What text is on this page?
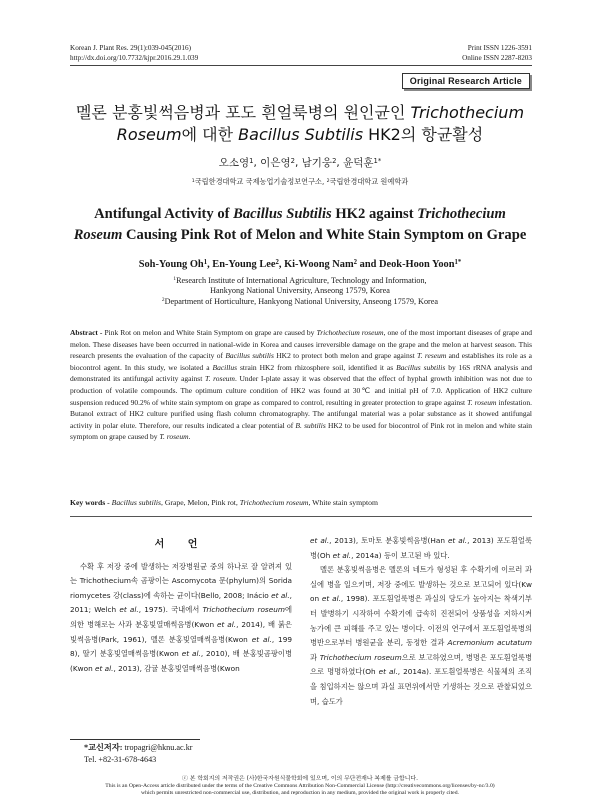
Korean J. Plant Res. 29(1):039-045(2016)
http://dx.doi.org/10.7732/kjpr.2016.29.1.039
Print ISSN 1226-3591
Online ISSN 2287-8203
Original Research Article
멜론 분홍빛썩음병과 포도 흰얼룩병의 원인균인 Trichothecium
Roseum에 대한 Bacillus Subtilis HK2의 항균활성
오소영$^1$, 이은영$^2$, 남기웅$^2$, 윤덕훈$^{1*}$
$^1$국립한경대학교 국제농업기술정보연구소, $^2$국립한경대학교 원예학과
Antifungal Activity of Bacillus Subtilis HK2 against Trichothecium
Roseum Causing Pink Rot of Melon and White Stain Symptom on Grape
Soh-Young Oh$^1$, En-Young Lee$^2$, Ki-Woong Nam$^2$ and Deok-Hoon Yoon$^{1*}$
$^1$Research Institute of International Agriculture, Technology and Information,
Hankyong National University, Anseong 17579, Korea
$^2$Department of Horticulture, Hankyong National University, Anseong 17579, Korea
Abstract - Pink Rot on melon and White Stain Symptom on grape are caused by Trichothecium roseum, one of the most important diseases of grape and melon. These diseases have been occurred in national-wide in Korea and causes irreversible damage on the grape and the melon at harvest season. This research presents the evaluation of the capacity of Bacillus subtilis HK2 to protect both melon and grape against T. reseum and establishes its role as a biocontrol agent. In this study, we isolated a Bacillus strain HK2 from rhizosphere soil, identified it as Bacillus subtilis by 16S rRNA analysis and demonstrated its antifungal activity against T. roseum. Under I-plate assay it was observed that the effect of hyphal growth inhibition was not due to production of volatile compounds. The optimum culture condition of HK2 was found at 30℃ and initial pH of 7.0. Application of HK2 culture suspension reduced 90.2% of white stain symptom on grape as compared to control, resulting in greater protection to grape against T. roseum infestation. Butanol extract of HK2 culture purified using flash column chromatography. The antifungal material was a polar substance as it showed antifungal activity in polar elute. Therefore, our results indicated a clear potential of B. subtilis HK2 to be used for biocontrol of Pink rot in melon and white stain symptom on grape caused by T. roseum.
Key words - Bacillus subtilis, Grape, Melon, Pink rot, Trichothecium roseum, White stain symptom
서 언

수확 후 저장 중에 발생하는 저장병원균 중의 하나로 잘 알려져 있는 Trichothecium속 곰팡이는 Ascomycota 문(phylum)의 Soridariomycetes 강(class)에 속하는 균이다(Bello, 2008; Inácio et al., 2011; Welch et al., 1975). 국내에서 Trichothecium roseum에 의한 병해로는 사과 분홍빛열매썩음병(Kwon et al., 2014), 배 붉은빛썩음병(Park, 1961), 멜론 분홍빛열매썩음병(Kwon et al., 1998), 딸기 분홍빛열매썩음병(Kwon et al., 2010), 배 분홍빛곰팡이병(Kwon et al., 2013), 감귤 분홍빛열매썩음병(Kwon

et al., 2013), 토마토 분홍빛썩음병(Han et al., 2013) 포도흰얼룩병(Oh et al., 2014a) 등이 보고된 바 있다.

멜론 분홍빛썩음병은 멜론의 네트가 형성된 후 수확기에 이르러 과실에 병을 일으키며, 저장 중에도 발생하는 것으로 보고되어 있다(Kwon et al., 1998). 포도흰얼룩병은 과실의 당도가 높아지는 착색기부터 발병하기 시작하여 수확기에 급속히 진전되어 상품성을 저하시켜 농가에 큰 피해를 주고 있는 병이다. 이전의 연구에서 포도흰얼룩병의 병반으로부터 병원균을 분리, 동정한 결과 Acremonium acutatum과 Trichothecium roseum으로 보고하였으며, 병명은 포도흰얼룩병으로 명명하였다(Oh et al., 2014a). 포도흰얼룩병은 식물체의 조직을 침입하지는 않으며 과실 표면위에서만 기생하는 것으로 관찰되었으며, 습도가

*교신저자: tropagri@hknu.ac.kr
Tel. +82-31-678-4643
ⓒ 본 학회지의 저작권은 (사)한국자원식물학회에 있으며, 이의 무단전재나 복제를 금합니다.
This is an Open-Access article distributed under the terms of the Creative Commons Attribution Non-Commercial License (http://creativecommons.org/licenses/by-nc/3.0)
which permits unrestricted non-commercial use, distribution, and reproduction in any medium, provided the original work is properly cited.
